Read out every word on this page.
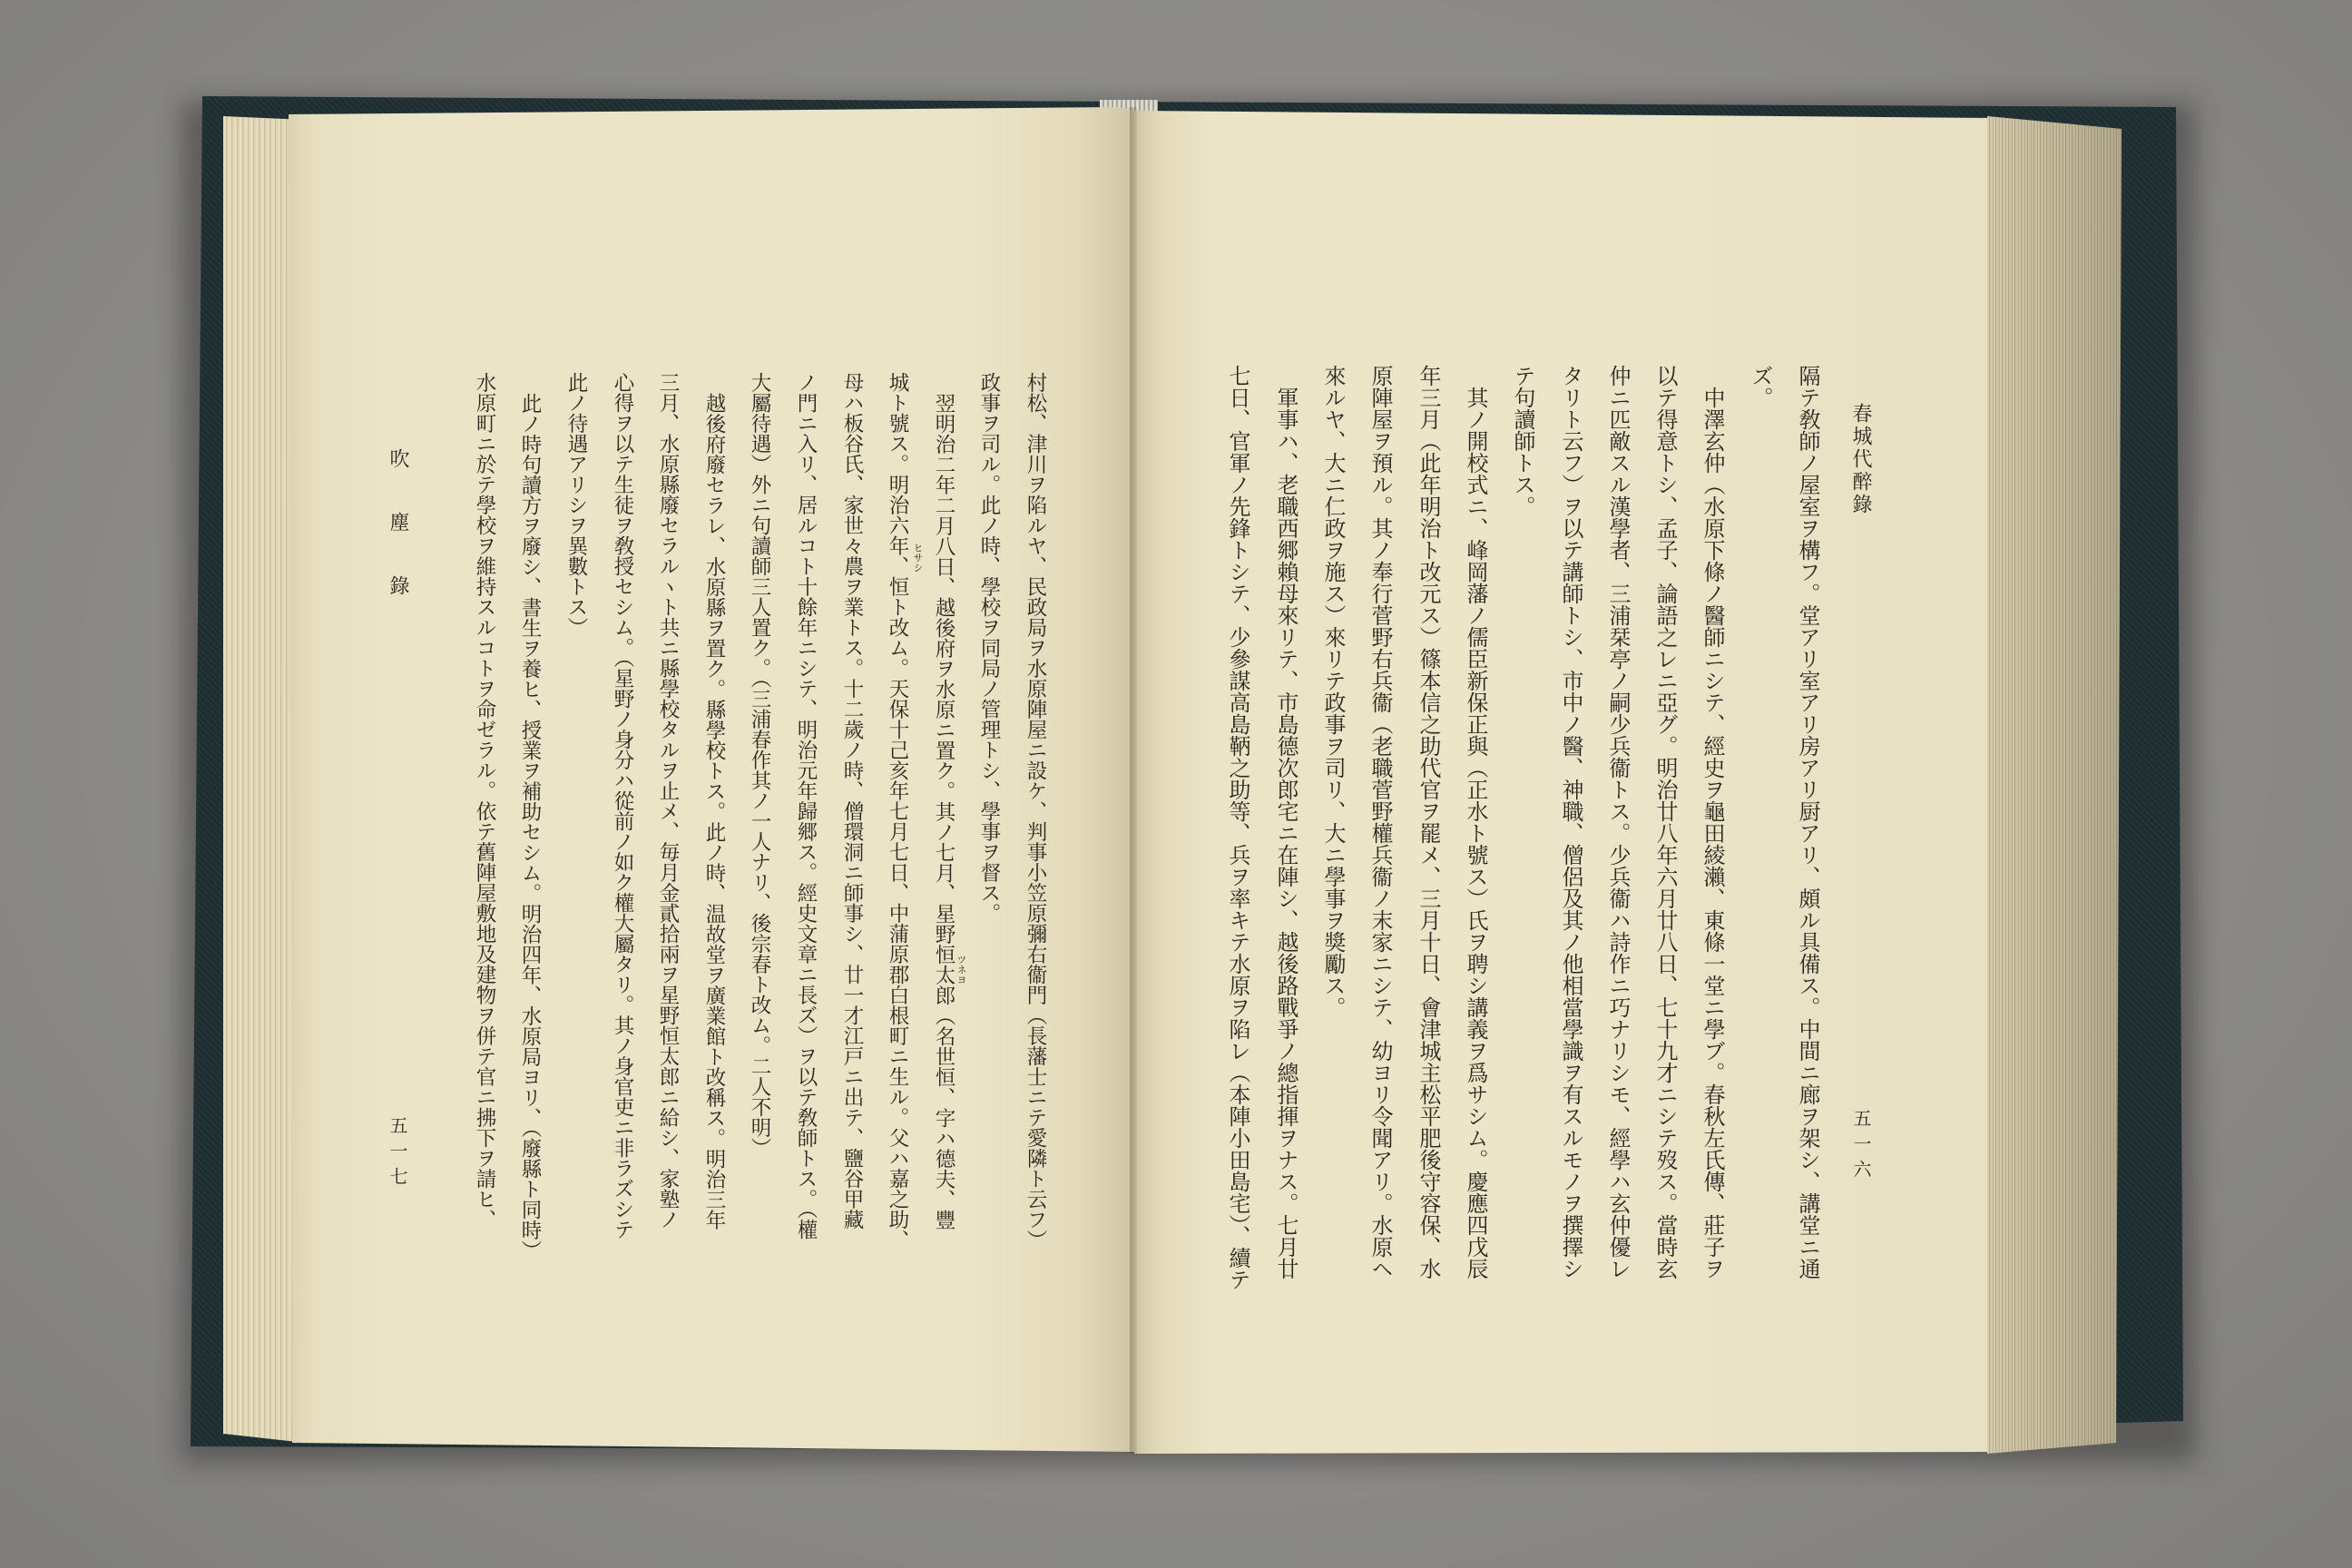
春城代醉錄
五一六
隔テ敎師ノ屋室ヲ構フ。堂アリ室アリ房アリ厨アリ、頗ル具備ス。中間ニ廊ヲ架シ、講堂ニ通
ズ。
中澤玄仲（水原下條ノ醫師ニシテ、經史ヲ龜田綾瀨、東條一堂ニ學ブ。春秋左氏傳、莊子ヲ
以テ得意トシ、孟子、論語之レニ亞グ。明治廿八年六月廿八日、七十九才ニシテ歿ス。當時玄
仲ニ匹敵スル漢學者、三浦栞亭ノ嗣少兵衞トス。少兵衞ハ詩作ニ巧ナリシモ、經學ハ玄仲優レ
タリト云フ）ヲ以テ講師トシ、市中ノ醫、神職、僧侶及其ノ他相當學識ヲ有スルモノヲ撰擇シ
テ句讀師トス。
其ノ開校式ニ、峰岡藩ノ儒臣新保正與（正水ト號ス）氏ヲ聘シ講義ヲ爲サシム。慶應四戊辰
年三月（此年明治ト改元ス）篠本信之助代官ヲ罷メ、三月十日、會津城主松平肥後守容保、水
原陣屋ヲ預ル。其ノ奉行菅野右兵衞（老職菅野權兵衞ノ末家ニシテ、幼ヨリ令聞アリ。水原ヘ
來ルヤ、大ニ仁政ヲ施ス）來リテ政事ヲ司リ、大ニ學事ヲ獎勵ス。
軍事ハ、老職西郷賴母來リテ、市島德次郎宅ニ在陣シ、越後路戰爭ノ總指揮ヲナス。七月廿
七日、官軍ノ先鋒トシテ、少參謀高島鞆之助等、兵ヲ率キテ水原ヲ陷レ（本陣小田島宅）、續テ
村松、津川ヲ陷ルヤ、民政局ヲ水原陣屋ニ設ケ、判事小笠原彌右衞門（長藩士ニテ愛隣ト云フ）
政事ヲ司ル。此ノ時、學校ヲ同局ノ管理トシ、學事ヲ督ス。
翌明治二年二月八日、越後府ヲ水原ニ置ク。其ノ七月、星野恒太郎（名世恒、字ハ德夫、豐
城ト號ス。明治六年、恒ト改ム。天保十己亥年七月七日、中蒲原郡白根町ニ生ル。父ハ嘉之助、
母ハ板谷氏、家世々農ヲ業トス。十二歲ノ時、僧環洞ニ師事シ、廿一才江戸ニ出テ、鹽谷甲藏
ノ門ニ入リ、居ルコト十餘年ニシテ、明治元年歸郷ス。經史文章ニ長ズ）ヲ以テ敎師トス。（權
大屬待遇）外ニ句讀師三人置ク。（三浦春作其ノ一人ナリ、後宗春ト改ム。二人不明）
越後府廢セラレ、水原縣ヲ置ク。縣學校トス。此ノ時、温故堂ヲ廣業館ト改稱ス。明治三年
三月、水原縣廢セラルヽト共ニ縣學校タルヲ止メ、毎月金貳拾兩ヲ星野恒太郎ニ給シ、家塾ノ
心得ヲ以テ生徒ヲ敎授セシム。（星野ノ身分ハ從前ノ如ク權大屬タリ。其ノ身官吏ニ非ラズシテ
此ノ待遇アリシヲ異數トス）
此ノ時句讀方ヲ廢シ、書生ヲ養ヒ、授業ヲ補助セシム。明治四年、水原局ヨリ、（廢縣ト同時）
水原町ニ於テ學校ヲ維持スルコトヲ命ゼラル。依テ舊陣屋敷地及建物ヲ併テ官ニ拂下ヲ請ヒ、	ツネヨ
ヒサシ
吹塵錄
五一七
